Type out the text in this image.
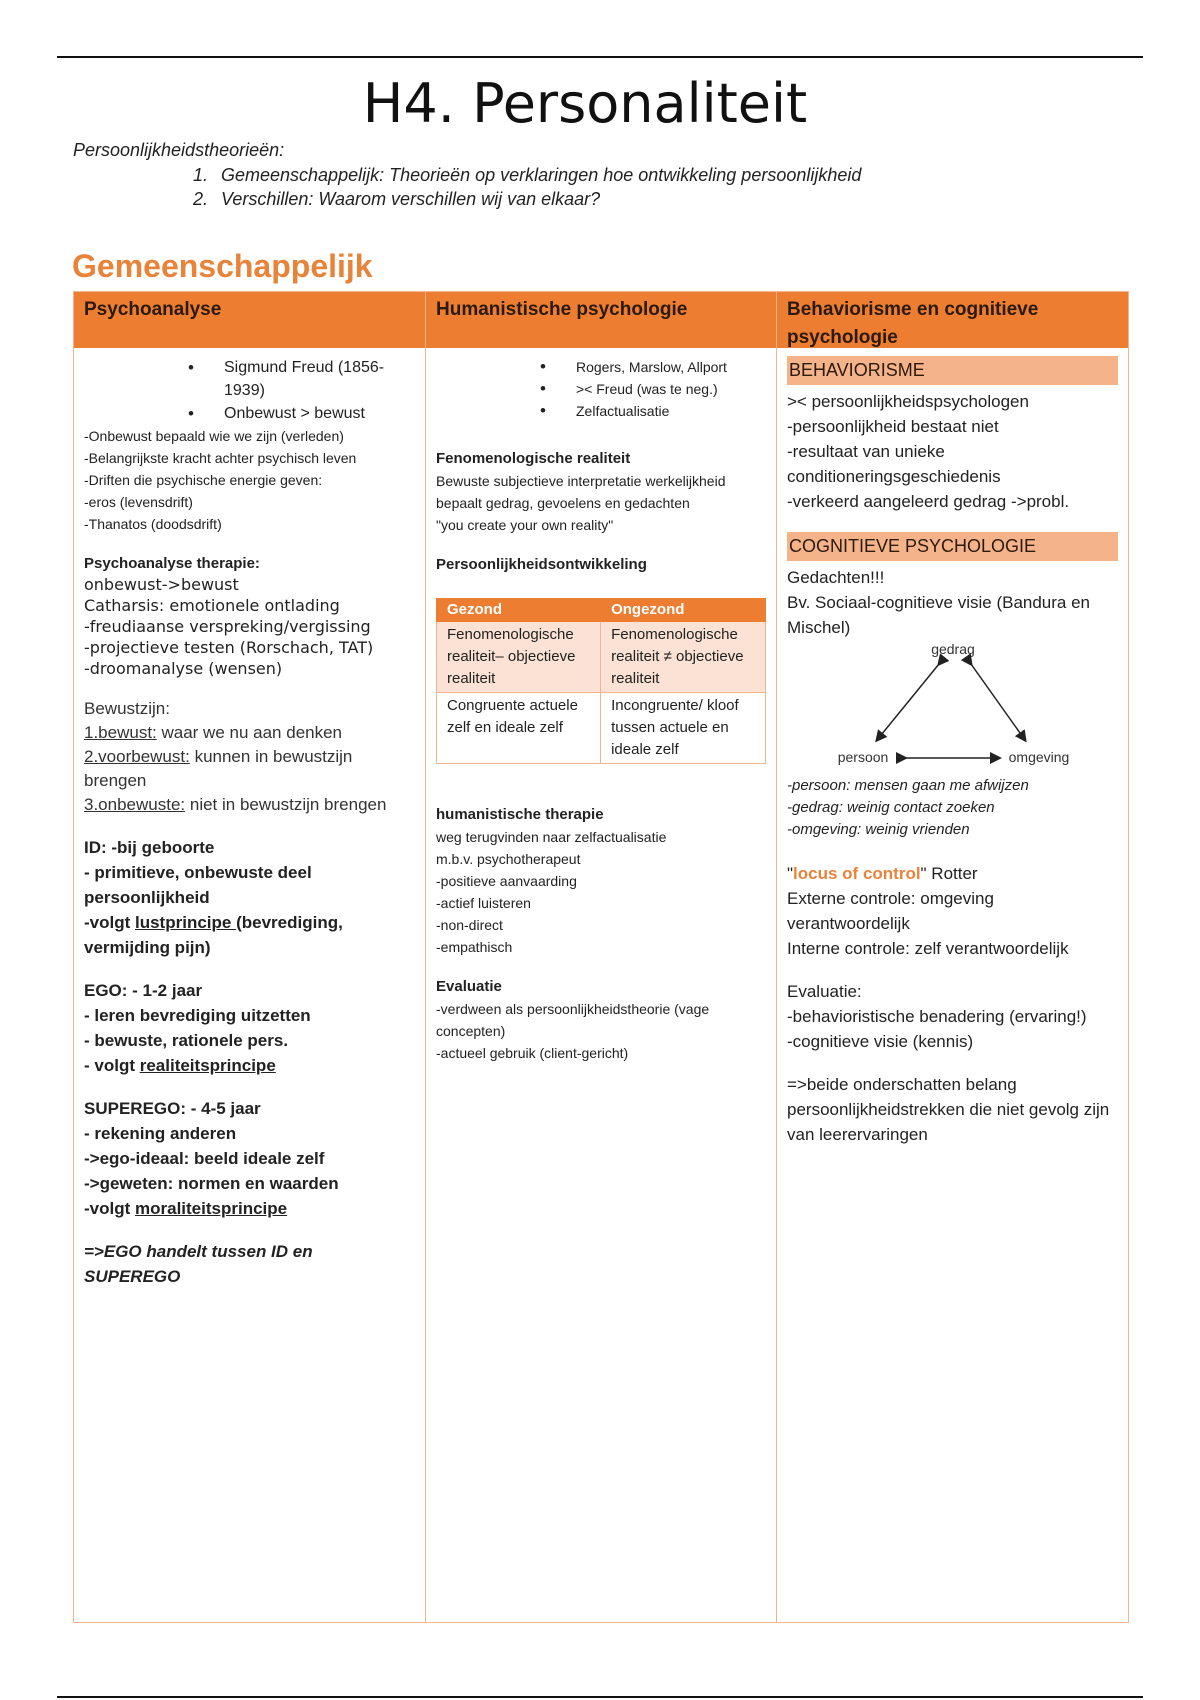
H4. Personaliteit
Persoonlijkheidstheorieën:
1. Gemeenschappelijk: Theorieën op verklaringen hoe ontwikkeling persoonlijkheid
2. Verschillen: Waarom verschillen wij van elkaar?
Gemeenschappelijk
Psychoanalyse
• Sigmund Freud (1856-1939)
• Onbewust > bewust
-Onbewust bepaald wie we zijn (verleden)
-Belangrijkste kracht achter psychisch leven
-Driften die psychische energie geven:
-eros (levensdrift)
-Thanatos (doodsdrift)
Psychoanalyse therapie:
onbewust->bewust
Catharsis: emotionele ontlading
-freudiaanse verspreking/vergissing
-projectieve testen (Rorschach, TAT)
-droomanalyse (wensen)
Bewustzijn:
1.bewust: waar we nu aan denken
2.voorbewust: kunnen in bewustzijn brengen
3.onbewuste: niet in bewustzijn brengen
ID: -bij geboorte
- primitieve, onbewuste deel persoonlijkheid
-volgt lustprincipe (bevrediging, vermijding pijn)
EGO: - 1-2 jaar
- leren bevrediging uitzetten
- bewuste, rationele pers.
- volgt realiteitsprincipe
SUPEREGO: - 4-5 jaar
- rekening anderen
->ego-ideaal: beeld ideale zelf
->geweten: normen en waarden
-volgt moraliteitsprincipe
=>EGO handelt tussen ID en SUPEREGO
Humanistische psychologie
• Rogers, Marslow, Allport
• >< Freud (was te neg.)
• Zelfactualisatie
Fenomenologische realiteit
Bewuste subjectieve interpretatie werkelijkheid bepaalt gedrag, gevoelens en gedachten
"you create your own reality"
Persoonlijkheidsontwikkeling
Gezond	Ongezond
Fenomenologische realiteit– objectieve realiteit	Fenomenologische realiteit ≠ objectieve realiteit
Congruente actuele zelf en ideale zelf	Incongruente/ kloof tussen actuele en ideale zelf
humanistische therapie
weg terugvinden naar zelfactualisatie
m.b.v. psychotherapeut
-positieve aanvaarding
-actief luisteren
-non-direct
-empathisch
Evaluatie
-verdween als persoonlijkheidstheorie (vage concepten)
-actueel gebruik (client-gericht)
Behaviorisme en cognitieve psychologie
BEHAVIORISME
>< persoonlijkheidspsychologen
-persoonlijkheid bestaat niet
-resultaat van unieke conditioneringsgeschiedenis
-verkeerd aangeleerd gedrag ->probl.
COGNITIEVE PSYCHOLOGIE
Gedachten!!!
Bv. Sociaal-cognitieve visie (Bandura en Mischel)
gedrag
persoon	omgeving
-persoon: mensen gaan me afwijzen
-gedrag: weinig contact zoeken
-omgeving: weinig vrienden
"locus of control" Rotter
Externe controle: omgeving verantwoordelijk
Interne controle: zelf verantwoordelijk
Evaluatie:
-behavioristische benadering (ervaring!)
-cognitieve visie (kennis)
=>beide onderschatten belang persoonlijkheidstrekken die niet gevolg zijn van leerervaringen
